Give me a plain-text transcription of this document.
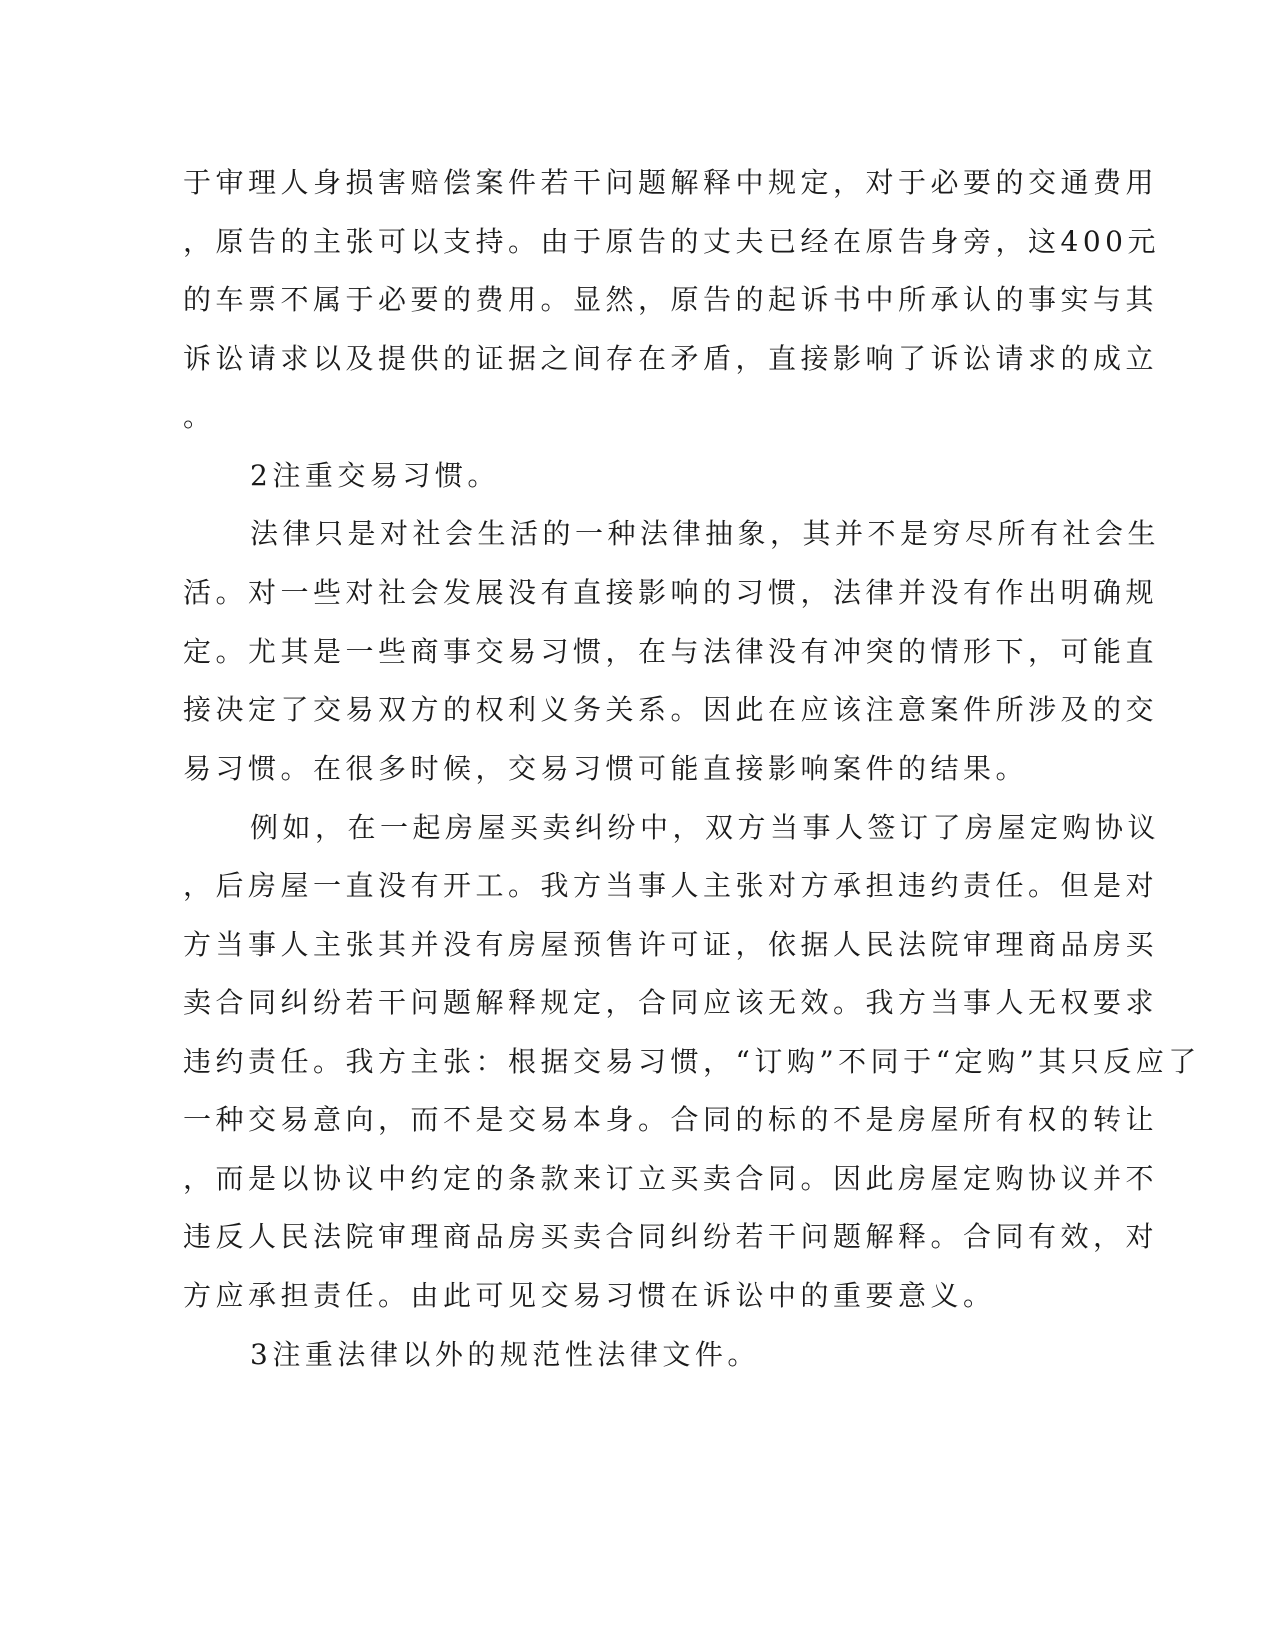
于审理人身损害赔偿案件若干问题解释中规定，对于必要的交通费用
，原告的主张可以支持。由于原告的丈夫已经在原告身旁，这400元
的车票不属于必要的费用。显然，原告的起诉书中所承认的事实与其
诉讼请求以及提供的证据之间存在矛盾，直接影响了诉讼请求的成立
。
2注重交易习惯。
法律只是对社会生活的一种法律抽象，其并不是穷尽所有社会生
活。对一些对社会发展没有直接影响的习惯，法律并没有作出明确规
定。尤其是一些商事交易习惯，在与法律没有冲突的情形下，可能直
接决定了交易双方的权利义务关系。因此在应该注意案件所涉及的交
易习惯。在很多时候，交易习惯可能直接影响案件的结果。
例如，在一起房屋买卖纠纷中，双方当事人签订了房屋定购协议
，后房屋一直没有开工。我方当事人主张对方承担违约责任。但是对
方当事人主张其并没有房屋预售许可证，依据人民法院审理商品房买
卖合同纠纷若干问题解释规定，合同应该无效。我方当事人无权要求
违约责任。我方主张：根据交易习惯，“订购”不同于“定购”其只反应了
一种交易意向，而不是交易本身。合同的标的不是房屋所有权的转让
，而是以协议中约定的条款来订立买卖合同。因此房屋定购协议并不
违反人民法院审理商品房买卖合同纠纷若干问题解释。合同有效，对
方应承担责任。由此可见交易习惯在诉讼中的重要意义。
3注重法律以外的规范性法律文件。
